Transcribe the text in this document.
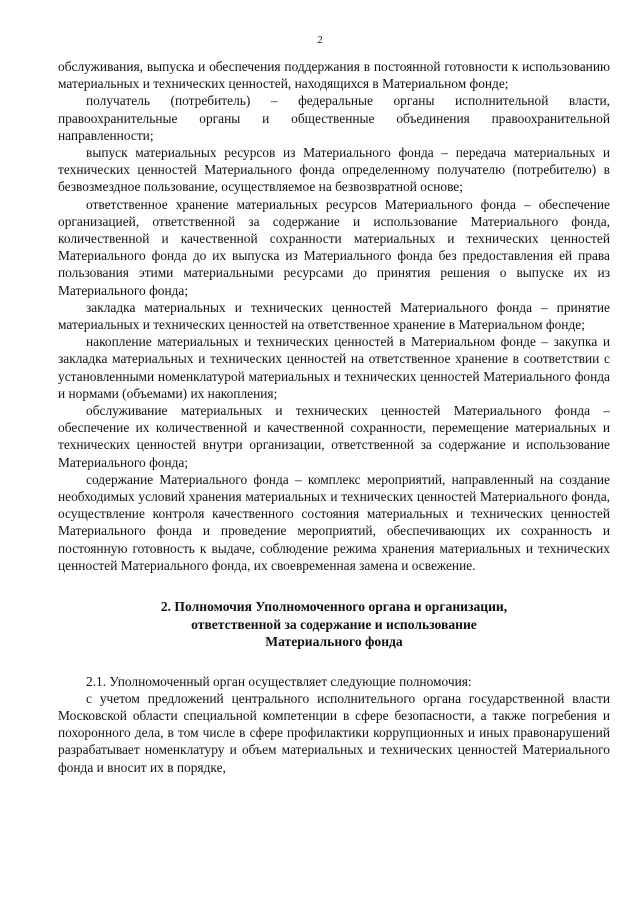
2

обслуживания, выпуска и обеспечения поддержания в постоянной готовности к использованию материальных и технических ценностей, находящихся в Материальном фонде;

получатель (потребитель) – федеральные органы исполнительной власти, правоохранительные органы и общественные объединения правоохранительной направленности;

выпуск материальных ресурсов из Материального фонда – передача материальных и технических ценностей Материального фонда определенному получателю (потребителю) в безвозмездное пользование, осуществляемое на безвозвратной основе;

ответственное хранение материальных ресурсов Материального фонда – обеспечение организацией, ответственной за содержание и использование Материального фонда, количественной и качественной сохранности материальных и технических ценностей Материального фонда до их выпуска из Материального фонда без предоставления ей права пользования этими материальными ресурсами до принятия решения о выпуске их из Материального фонда;

закладка материальных и технических ценностей Материального фонда – принятие материальных и технических ценностей на ответственное хранение в Материальном фонде;

накопление материальных и технических ценностей в Материальном фонде – закупка и закладка материальных и технических ценностей на ответственное хранение в соответствии с установленными номенклатурой материальных и технических ценностей Материального фонда и нормами (объемами) их накопления;

обслуживание материальных и технических ценностей Материального фонда – обеспечение их количественной и качественной сохранности, перемещение материальных и технических ценностей внутри организации, ответственной за содержание и использование Материального фонда;

содержание Материального фонда – комплекс мероприятий, направленный на создание необходимых условий хранения материальных и технических ценностей Материального фонда, осуществление контроля качественного состояния материальных и технических ценностей Материального фонда и проведение мероприятий, обеспечивающих их сохранность и постоянную готовность к выдаче, соблюдение режима хранения материальных и технических ценностей Материального фонда, их своевременная замена и освежение.

2. Полномочия Уполномоченного органа и организации,
ответственной за содержание и использование
Материального фонда

2.1. Уполномоченный орган осуществляет следующие полномочия:

с учетом предложений центрального исполнительного органа государственной власти Московской области специальной компетенции в сфере безопасности, а также погребения и похоронного дела, в том числе в сфере профилактики коррупционных и иных правонарушений разрабатывает номенклатуру и объем материальных и технических ценностей Материального фонда и вносит их в порядке,
